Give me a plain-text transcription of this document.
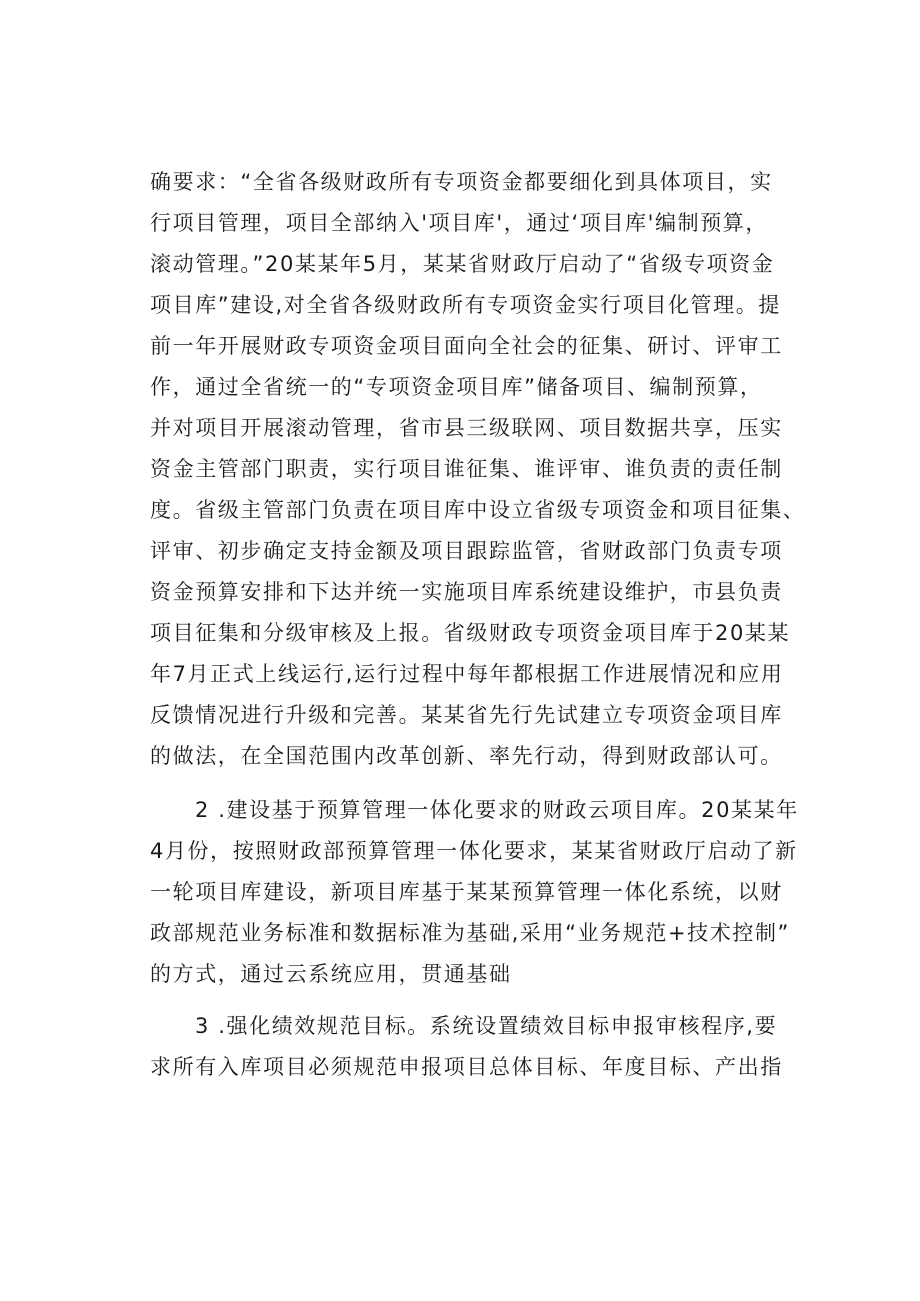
确要求：“全省各级财政所有专项资金都要细化到具体项目，实
行项目管理，项目全部纳入'项目库'，通过‘项目库'编制预算，
滚动管理。”20某某年5月，某某省财政厅启动了“省级专项资金
项目库”建设,对全省各级财政所有专项资金实行项目化管理。提
前一年开展财政专项资金项目面向全社会的征集、研讨、评审工
作，通过全省统一的“专项资金项目库”储备项目、编制预算，
并对项目开展滚动管理，省市县三级联网、项目数据共享，压实
资金主管部门职责，实行项目谁征集、谁评审、谁负责的责任制
度。省级主管部门负责在项目库中设立省级专项资金和项目征集、
评审、初步确定支持金额及项目跟踪监管，省财政部门负责专项
资金预算安排和下达并统一实施项目库系统建设维护，市县负责
项目征集和分级审核及上报。省级财政专项资金项目库于20某某
年7月正式上线运行,运行过程中每年都根据工作进展情况和应用
反馈情况进行升级和完善。某某省先行先试建立专项资金项目库
的做法，在全国范围内改革创新、率先行动，得到财政部认可。
2 .建设基于预算管理一体化要求的财政云项目库。20某某年
4月份，按照财政部预算管理一体化要求，某某省财政厅启动了新
一轮项目库建设，新项目库基于某某预算管理一体化系统，以财
政部规范业务标准和数据标准为基础,采用“业务规范+技术控制”
的方式，通过云系统应用，贯通基础
3 .强化绩效规范目标。系统设置绩效目标申报审核程序,要
求所有入库项目必须规范申报项目总体目标、年度目标、产出指
